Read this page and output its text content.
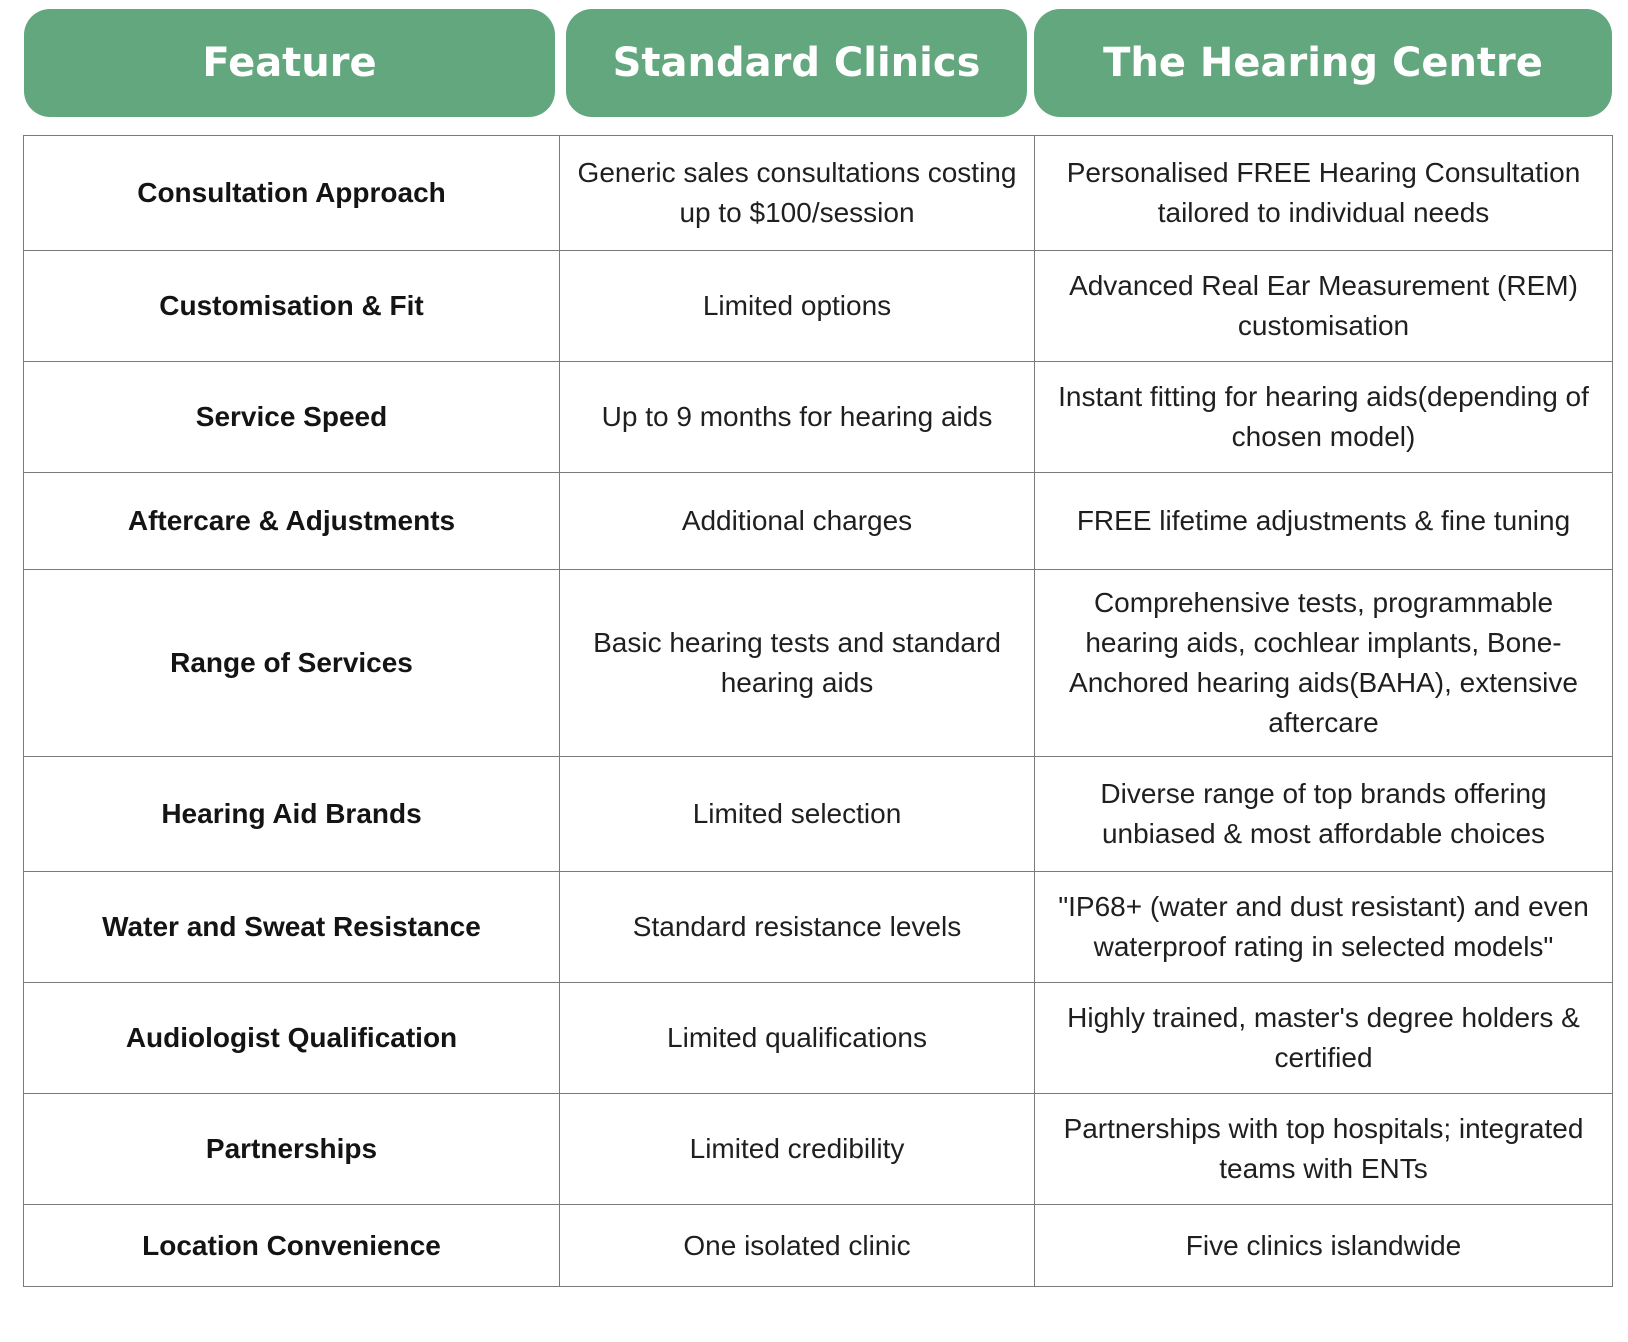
Feature	Standard Clinics	The Hearing Centre
Consultation Approach	Generic sales consultations costing up to $100/session	Personalised FREE Hearing Consultation tailored to individual needs
Customisation & Fit	Limited options	Advanced Real Ear Measurement (REM) customisation
Service Speed	Up to 9 months for hearing aids	Instant fitting for hearing aids(depending of chosen model)
Aftercare & Adjustments	Additional charges	FREE lifetime adjustments & fine tuning
Range of Services	Basic hearing tests and standard hearing aids	Comprehensive tests, programmable hearing aids, cochlear implants, Bone-Anchored hearing aids(BAHA), extensive aftercare
Hearing Aid Brands	Limited selection	Diverse range of top brands offering unbiased & most affordable choices
Water and Sweat Resistance	Standard resistance levels	"IP68+ (water and dust resistant) and even waterproof rating in selected models"
Audiologist Qualification	Limited qualifications	Highly trained, master's degree holders & certified
Partnerships	Limited credibility	Partnerships with top hospitals; integrated teams with ENTs
Location Convenience	One isolated clinic	Five clinics islandwide
